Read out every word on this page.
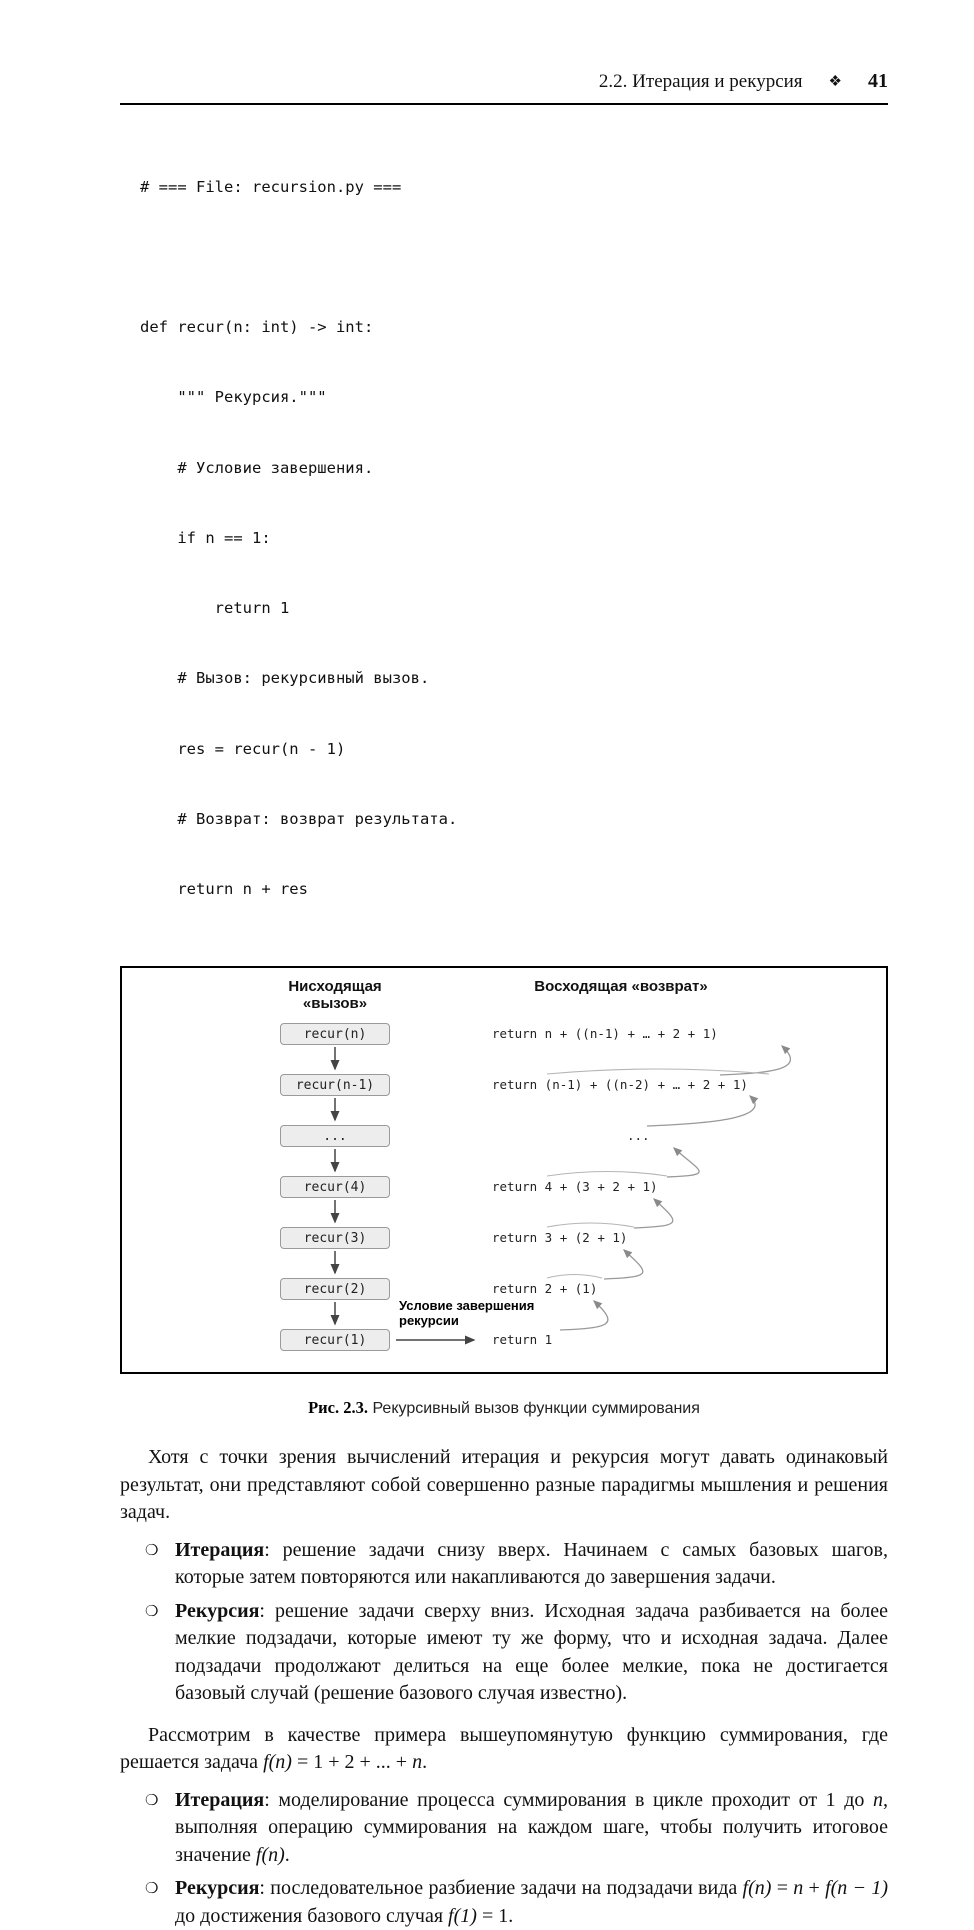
2.2. Итерация и рекурсия ❖ 41

# === File: recursion.py ===

def recur(n: int) -> int:

""" Рекурсия."""

# Условие завершения.

if n == 1:

return 1

# Вызов: рекурсивный вызов.

res = recur(n - 1)

# Возврат: возврат результата.

return n + res

Нисходящая «вызов»
Восходящая «возврат»
recur(n)
recur(n-1)
...
recur(4)
recur(3)
recur(2)
recur(1)
return n + ((n-1) + … + 2 + 1)
return (n-1) + ((n-2) + … + 2 + 1)
...
return 4 + (3 + 2 + 1)
return 3 + (2 + 1)
return 2 + (1)
return 1
Условие завершения
рекурсии
Рис. 2.3. Рекурсивный вызов функции суммирования

Хотя с точки зрения вычислений итерация и рекурсия могут давать одинаковый результат, они представляют собой совершенно разные парадигмы мышления и решения задач.

❍ Итерация: решение задачи снизу вверх. Начинаем с самых базовых шагов, которые затем повторяются или накапливаются до завершения задачи.
❍ Рекурсия: решение задачи сверху вниз. Исходная задача разбивается на более мелкие подзадачи, которые имеют ту же форму, что и исходная задача. Далее подзадачи продолжают делиться на еще более мелкие, пока не достигается базовый случай (решение базового случая известно).

Рассмотрим в качестве примера вышеупомянутую функцию суммирования, где решается задача f(n) = 1 + 2 + ... + n.

❍ Итерация: моделирование процесса суммирования в цикле проходит от 1 до n, выполняя операцию суммирования на каждом шаге, чтобы получить итоговое значение f(n).
❍ Рекурсия: последовательное разбиение задачи на подзадачи вида f(n) = n + f(n − 1) до достижения базового случая f(1) = 1.
